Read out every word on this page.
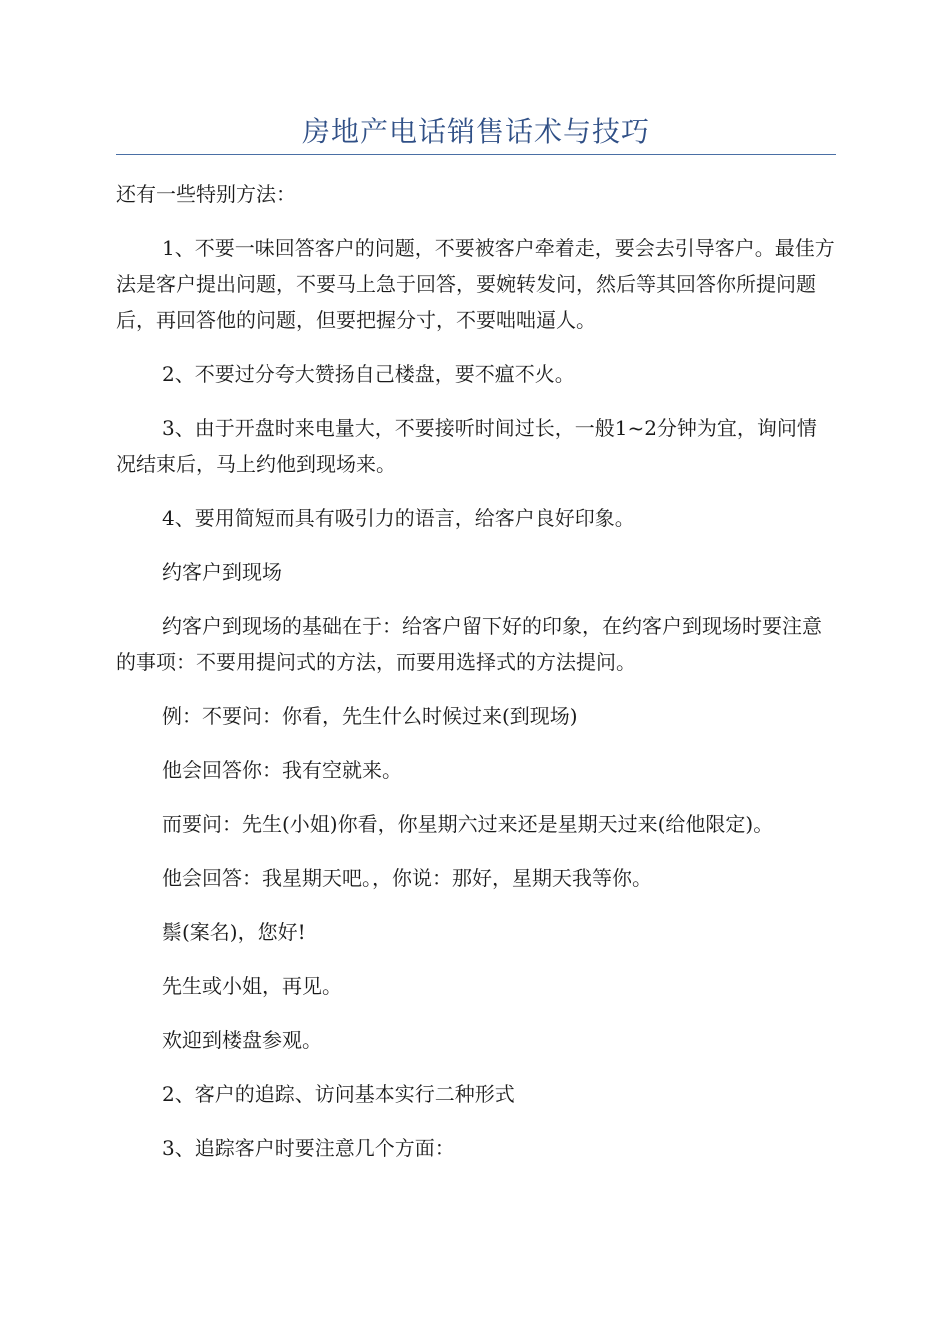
房地产电话销售话术与技巧

还有一些特别方法：

1、不要一味回答客户的问题，不要被客户牵着走，要会去引导客户。最佳方法是客户提出问题，不要马上急于回答，要婉转发问，然后等其回答你所提问题后，再回答他的问题，但要把握分寸，不要咄咄逼人。

2、不要过分夸大赞扬自己楼盘，要不瘟不火。

3、由于开盘时来电量大，不要接听时间过长，一般1~2分钟为宜，询问情况结束后，马上约他到现场来。

4、要用简短而具有吸引力的语言，给客户良好印象。

约客户到现场

约客户到现场的基础在于：给客户留下好的印象，在约客户到现场时要注意的事项：不要用提问式的方法，而要用选择式的方法提问。

例：不要问：你看，先生什么时候过来(到现场)

他会回答你：我有空就来。

而要问：先生(小姐)你看，你星期六过来还是星期天过来(给他限定)。

他会回答：我星期天吧。，你说：那好，星期天我等你。

鬃(案名)，您好!

先生或小姐，再见。

欢迎到楼盘参观。

2、客户的追踪、访问基本实行二种形式

3、追踪客户时要注意几个方面：
